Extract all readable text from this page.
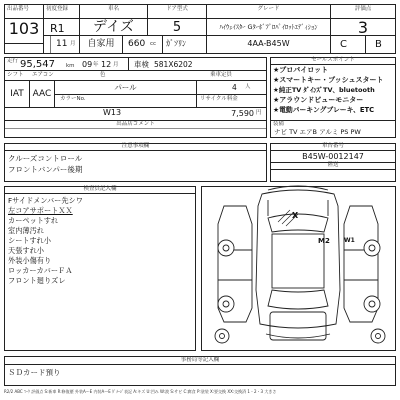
出品番号	初度登録	車名	ドア型式	グレード	評価点
103 R1	デイズ	5	ﾊｲｳｪｲｽﾀｰ Gﾀｰﾎﾞﾌﾟﾛﾊﾟｲﾛｯﾄｴﾃﾞｨｼｮﾝ	3
11 月	自家用	660 cc ｶﾞｿﾘﾝ	4AA-B45W	C	B
走行 95,547 km 09 年 12 月 車検 581X6202
シフト エアコン	色	乗車定員
IAT AAC
パール	4 人
カラーNo.	リサイクル料金
W13	7,590 円
出品店コメント
セールスポイント
★プロパイロット
★スマートキー・プッシュスタート
★純正TV ﾀﾞｲﾝｽﾞTV、bluetooth
★アラウンドビューモニター
★電動パーキングブレーキ、ETC
装備
ナビ TV エアB アルミ PS PW
注意事項欄
クルーズコントロール
フロントバンパー後期
車台番号
B45W-0012147
陸送
検査員記入欄
Fサイドメンバー先シワ
左コアサポートＸＸ
カーペットすれ
室内薄汚れ
シートすれ小
天張すれ小
外装小傷有り
ロッカーカバーＦＡ
フロント廻りズレ
X
M2 W1
事務局等記入欄
ＳＤカード預り
R2/2 ABC ﾏｰｸ 評価点 S:新車 R:修復歴 外装A〜E 内装A〜E ﾀﾞﾒｰｼﾞ表記 A:キズ U:凹み W:波 S:サビ C:腐食 P:塗装 X:要交換 XX:交換済 1・2・3 大きさ
